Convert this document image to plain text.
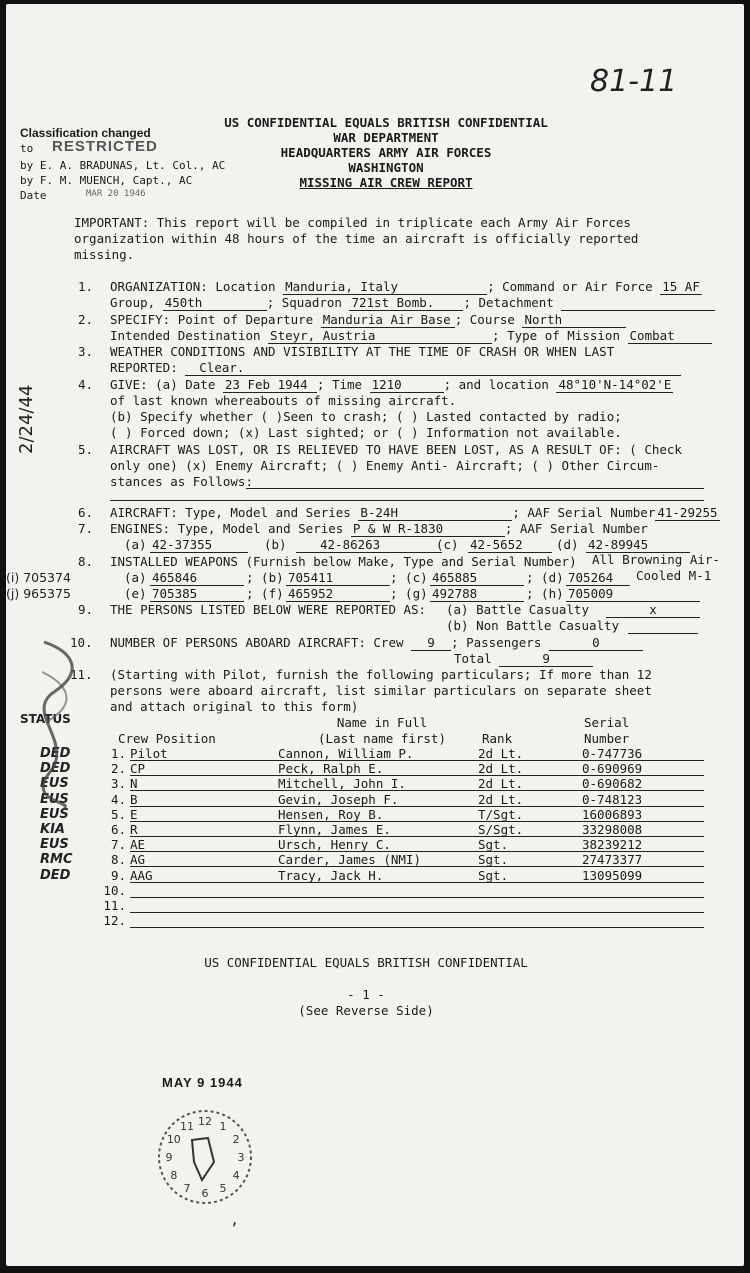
81-11
US CONFIDENTIAL EQUALS BRITISH CONFIDENTIAL
WAR DEPARTMENT
HEADQUARTERS ARMY AIR FORCES
WASHINGTON
MISSING AIR CREW REPORT
Classification changed
to RESTRICTED
by E. A. BRADUNAS, Lt. Col., AC
by F. M. MUENCH, Capt., AC
Date	MAR 20 1946
IMPORTANT: This report will be compiled in triplicate each Army Air Forces
organization within 48 hours of the time an aircraft is officially reported
missing.
1. ORGANIZATION: Location Manduria, Italy	; Command or Air Force 15 AF
Group, 450th	; Squadron 721st Bomb. ; Detachment
2. SPECIFY: Point of Departure Manduria Air Base ; Course North
Intended Destination Steyr, Austria	; Type of Mission Combat
3. WEATHER CONDITIONS AND VISIBILITY AT THE TIME OF CRASH OR WHEN LAST
REPORTED: Clear.
4. GIVE: (a) Date 23 Feb 1944 ; Time 1210	; and location 48°10'N-14°02'E
of last known whereabouts of missing aircraft.
(b) Specify whether ( )Seen to crash; ( ) Lasted contacted by radio;
( ) Forced down; (x) Last sighted; or ( ) Information not available.
5. AIRCRAFT WAS LOST, OR IS RELIEVED TO HAVE BEEN LOST, AS A RESULT OF: ( Check
only one) (x) Enemy Aircraft; ( ) Enemy Anti- Aircraft; ( ) Other Circum-
stances as Follows:
6. AIRCRAFT: Type, Model and Series B-24H	; AAF Serial Number 41-29255
7. ENGINES: Type, Model and Series P & W R-1830	; AAF Serial Number
(a) 42-37355	(b)	42-86263	(c) 42-5652	(d) 42-89945
8. INSTALLED WEAPONS (Furnish below Make, Type and Serial Number) All Browning Air-
Cooled M-1
(i) 705374
(j) 965375
(a) 465846	; (b) 705411	; (c) 465885	; (d) 705264
(e) 705385	; (f) 465952	; (g) 492788	; (h) 705009
9. THE PERSONS LISTED BELOW WERE REPORTED AS: (a) Battle Casualty	x
(b) Non Battle Casualty
10. NUMBER OF PERSONS ABOARD AIRCRAFT: Crew 9 ; Passengers	0
Total	9
11. (Starting with Pilot, furnish the following particulars; If more than 12
persons were aboard aircraft, list similar particulars on separate sheet
and attach original to this form)
STATUS
Crew Position
Name in Full
(Last name first)	Rank
Serial
Number
DED	1. Pilot	Cannon, William P.	2d Lt.	0-747736
DED	2. CP	Peck, Ralph E.	2d Lt.	0-690969
EUS	3. N	Mitchell, John I.	2d Lt.	0-690682
EUS	4. B	Gevin, Joseph F.	2d Lt.	0-748123
EUS	5. E	Hensen, Roy B.	T/Sgt.	16006893
KIA	6. R	Flynn, James E.	S/Sgt.	33298008
EUS	7. AE	Ursch, Henry C.	Sgt.	38239212
RMC	8. AG	Carder, James (NMI)	Sgt.	27473377
DED	9. AAG	Tracy, Jack H.	Sgt.	13095099
10.
11.
12.
2/24/44
US CONFIDENTIAL EQUALS BRITISH CONFIDENTIAL
- 1 -
(See Reverse Side)
MAY 9 1944
12 1
2
3
4
5
6
7
8
9
10
11
ʼ
